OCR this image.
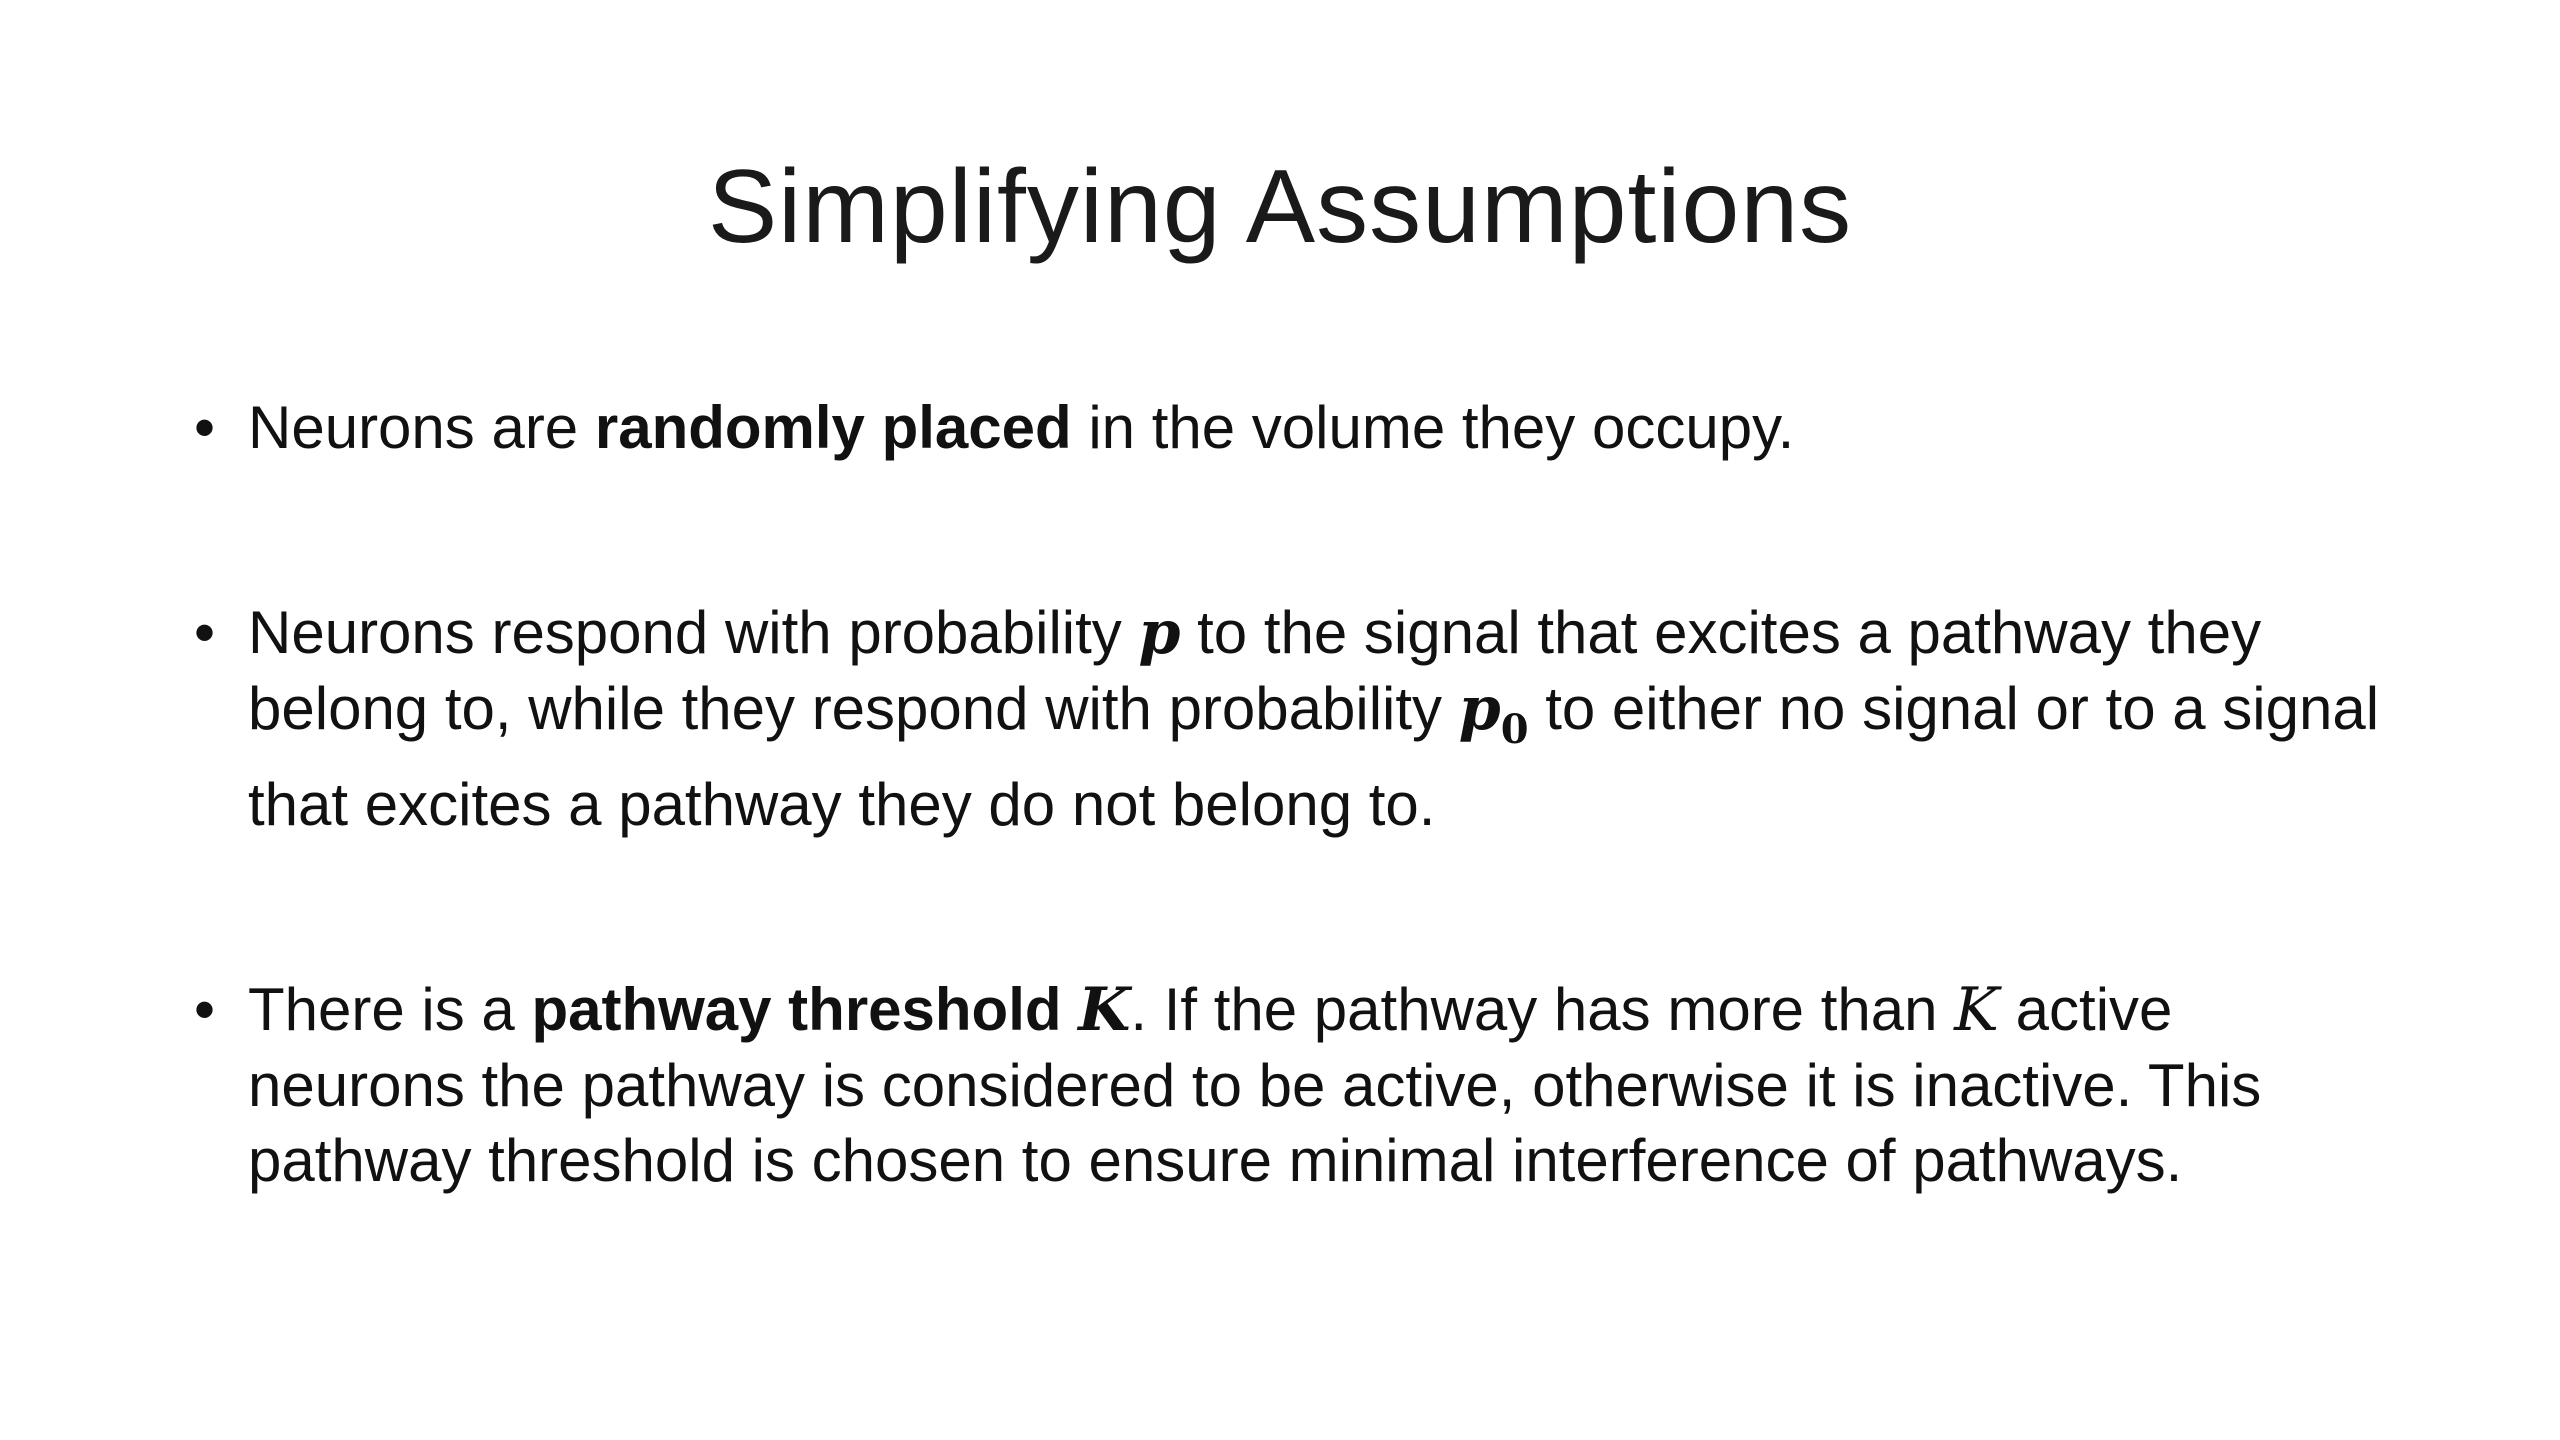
Simplifying Assumptions
• Neurons are randomly placed in the volume they occupy.
• Neurons respond with probability p to the signal that excites a pathway they belong to, while they respond with probability $p_0$ to either no signal or to a signal that excites a pathway they do not belong to.
• There is a pathway threshold K. If the pathway has more than K active neurons the pathway is considered to be active, otherwise it is inactive. This pathway threshold is chosen to ensure minimal interference of pathways.
